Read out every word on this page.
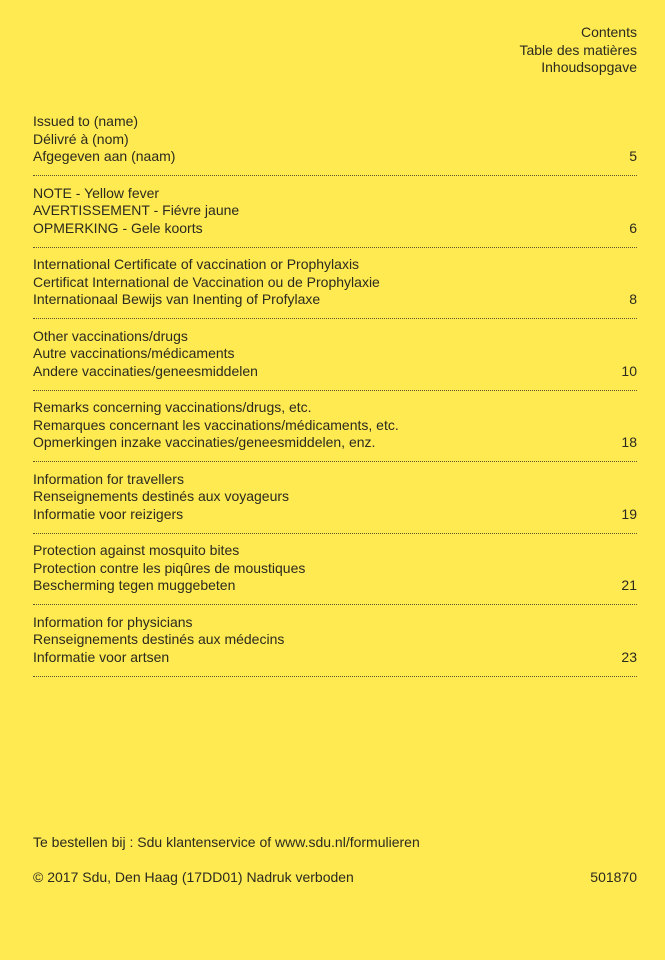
Contents
Table des matières
Inhoudsopgave
Issued to (name)
Délivré à (nom)
Afgegeven aan (naam)	5
NOTE - Yellow fever
AVERTISSEMENT - Fiévre jaune
OPMERKING - Gele koorts	6
International Certificate of vaccination or Prophylaxis
Certificat International de Vaccination ou de Prophylaxie
Internationaal Bewijs van Inenting of Profylaxe	8
Other vaccinations/drugs
Autre vaccinations/médicaments
Andere vaccinaties/geneesmiddelen	10
Remarks concerning vaccinations/drugs, etc.
Remarques concernant les vaccinations/médicaments, etc.
Opmerkingen inzake vaccinaties/geneesmiddelen, enz.	18
Information for travellers
Renseignements destinés aux voyageurs
Informatie voor reizigers	19
Protection against mosquito bites
Protection contre les piqûres de moustiques
Bescherming tegen muggebeten	21
Information for physicians
Renseignements destinés aux médecins
Informatie voor artsen	23
Te bestellen bij : Sdu klantenservice of www.sdu.nl/formulieren
© 2017 Sdu, Den Haag (17DD01) Nadruk verboden	501870
